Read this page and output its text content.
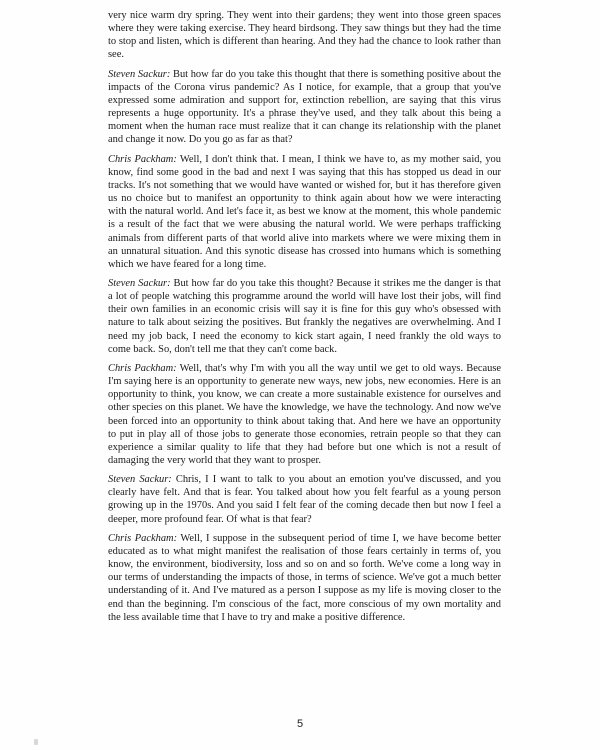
very nice warm dry spring. They went into their gardens; they went into those green spaces where they were taking exercise. They heard birdsong. They saw things but they had the time to stop and listen, which is different than hearing. And they had the chance to look rather than see.

Steven Sackur: But how far do you take this thought that there is something positive about the impacts of the Corona virus pandemic? As I notice, for example, that a group that you've expressed some admiration and support for, extinction rebellion, are saying that this virus represents a huge opportunity. It's a phrase they've used, and they talk about this being a moment when the human race must realize that it can change its relationship with the planet and change it now. Do you go as far as that?

Chris Packham: Well, I don't think that. I mean, I think we have to, as my mother said, you know, find some good in the bad and next I was saying that this has stopped us dead in our tracks. It's not something that we would have wanted or wished for, but it has therefore given us no choice but to manifest an opportunity to think again about how we were interacting with the natural world. And let's face it, as best we know at the moment, this whole pandemic is a result of the fact that we were abusing the natural world. We were perhaps trafficking animals from different parts of that world alive into markets where we were mixing them in an unnatural situation. And this synotic disease has crossed into humans which is something which we have feared for a long time.

Steven Sackur: But how far do you take this thought? Because it strikes me the danger is that a lot of people watching this programme around the world will have lost their jobs, will find their own families in an economic crisis will say it is fine for this guy who's obsessed with nature to talk about seizing the positives. But frankly the negatives are overwhelming. And I need my job back, I need the economy to kick start again, I need frankly the old ways to come back. So, don't tell me that they can't come back.

Chris Packham: Well, that's why I'm with you all the way until we get to old ways. Because I'm saying here is an opportunity to generate new ways, new jobs, new economies. Here is an opportunity to think, you know, we can create a more sustainable existence for ourselves and other species on this planet. We have the knowledge, we have the technology. And now we've been forced into an opportunity to think about taking that. And here we have an opportunity to put in play all of those jobs to generate those economies, retrain people so that they can experience a similar quality to life that they had before but one which is not a result of damaging the very world that they want to prosper.

Steven Sackur: Chris, I I want to talk to you about an emotion you've discussed, and you clearly have felt. And that is fear. You talked about how you felt fearful as a young person growing up in the 1970s. And you said I felt fear of the coming decade then but now I feel a deeper, more profound fear. Of what is that fear?

Chris Packham: Well, I suppose in the subsequent period of time I, we have become better educated as to what might manifest the realisation of those fears certainly in terms of, you know, the environment, biodiversity, loss and so on and so forth. We've come a long way in our terms of understanding the impacts of those, in terms of science. We've got a much better understanding of it. And I've matured as a person I suppose as my life is moving closer to the end than the beginning. I'm conscious of the fact, more conscious of my own mortality and the less available time that I have to try and make a positive difference.

5
